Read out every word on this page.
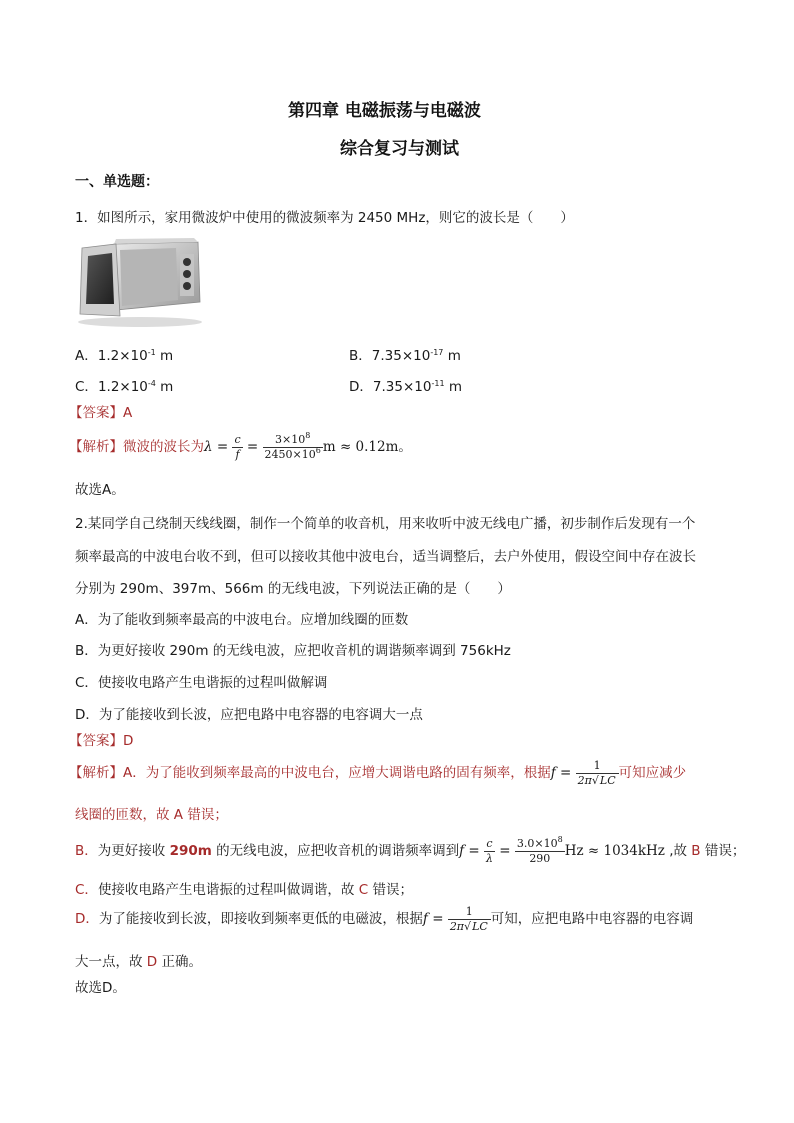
第四章 电磁振荡与电磁波
综合复习与测试
一、单选题：
1．如图所示，家用微波炉中使用的微波频率为 2450 MHz，则它的波长是（　　）
A．$1.2\times 10^{-1}$ m	B．$7.35\times 10^{-17}$ m
C．$1.2\times 10^{-4}$ m	D．$7.35\times 10^{-11}$ m
【答案】A
【解析】微波的波长为$\lambda = \frac{c}{f} = \frac{3\times 10^8}{2450\times 10^6}$ m ≈ 0.12m。
故选A。
2.某同学自己绕制天线线圈，制作一个简单的收音机，用来收听中波无线电广播，初步制作后发现有一个
频率最高的中波电台收不到，但可以接收其他中波电台，适当调整后，去户外使用，假设空间中存在波长
分别为 290m、397m、566m 的无线电波，下列说法正确的是（　　）
A．为了能收到频率最高的中波电台。应增加线圈的匝数
B．为更好接收 290m 的无线电波，应把收音机的调谐频率调到 756kHz
C．使接收电路产生电谐振的过程叫做解调
D．为了能接收到长波，应把电路中电容器的电容调大一点
【答案】D
【解析】A．为了能收到频率最高的中波电台，应增大调谐电路的固有频率，根据$f = \frac{1}{2\pi√LC}$ 可知应减少
线圈的匝数，故 A 错误；
B．为更好接收 290m 的无线电波，应把收音机的调谐频率调到$f = \frac{c}{\lambda} = \frac{3.0\times 10^8}{290}$ Hz ≈ 1034kHz ,故 B 错误；
C．使接收电路产生电谐振的过程叫做调谐，故 C 错误；
D．为了能接收到长波，即接收到频率更低的电磁波，根据$f = \frac{1}{2\pi√LC}$ 可知，应把电路中电容器的电容调
大一点，故 D 正确。
故选D。
